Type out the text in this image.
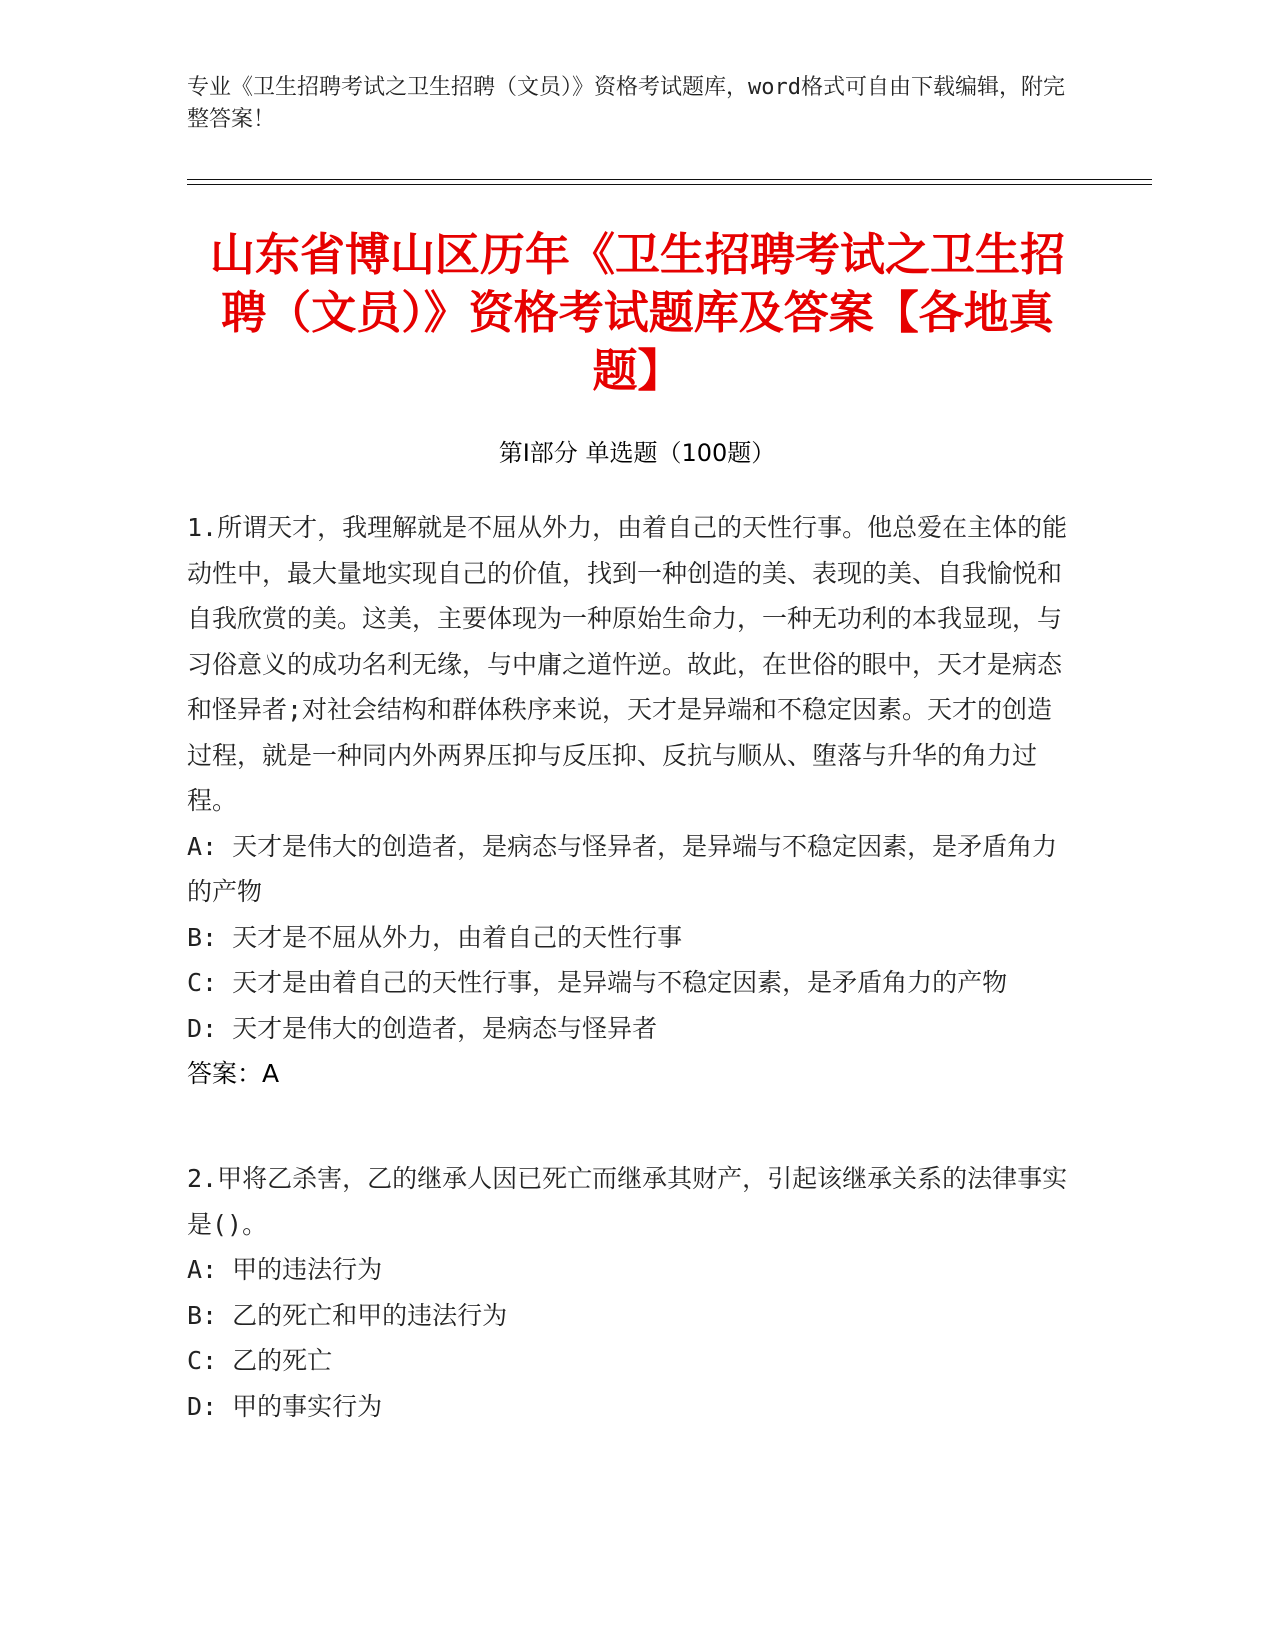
专业《卫生招聘考试之卫生招聘（文员）》资格考试题库，word格式可自由下载编辑，附完整答案！
山东省博山区历年《卫生招聘考试之卫生招聘（文员）》资格考试题库及答案【各地真题】
第Ⅰ部分 单选题（100题）
1.所谓天才，我理解就是不屈从外力，由着自己的天性行事。他总爱在主体的能动性中，最大量地实现自己的价值，找到一种创造的美、表现的美、自我愉悦和自我欣赏的美。这美，主要体现为一种原始生命力，一种无功利的本我显现，与习俗意义的成功名利无缘，与中庸之道忤逆。故此，在世俗的眼中，天才是病态和怪异者;对社会结构和群体秩序来说，天才是异端和不稳定因素。天才的创造过程，就是一种同内外两界压抑与反压抑、反抗与顺从、堕落与升华的角力过程。
A: 天才是伟大的创造者，是病态与怪异者，是异端与不稳定因素，是矛盾角力的产物
B: 天才是不屈从外力，由着自己的天性行事
C: 天才是由着自己的天性行事，是异端与不稳定因素，是矛盾角力的产物
D: 天才是伟大的创造者，是病态与怪异者
答案：A
2.甲将乙杀害，乙的继承人因已死亡而继承其财产，引起该继承关系的法律事实是()。
A: 甲的违法行为
B: 乙的死亡和甲的违法行为
C: 乙的死亡
D: 甲的事实行为
